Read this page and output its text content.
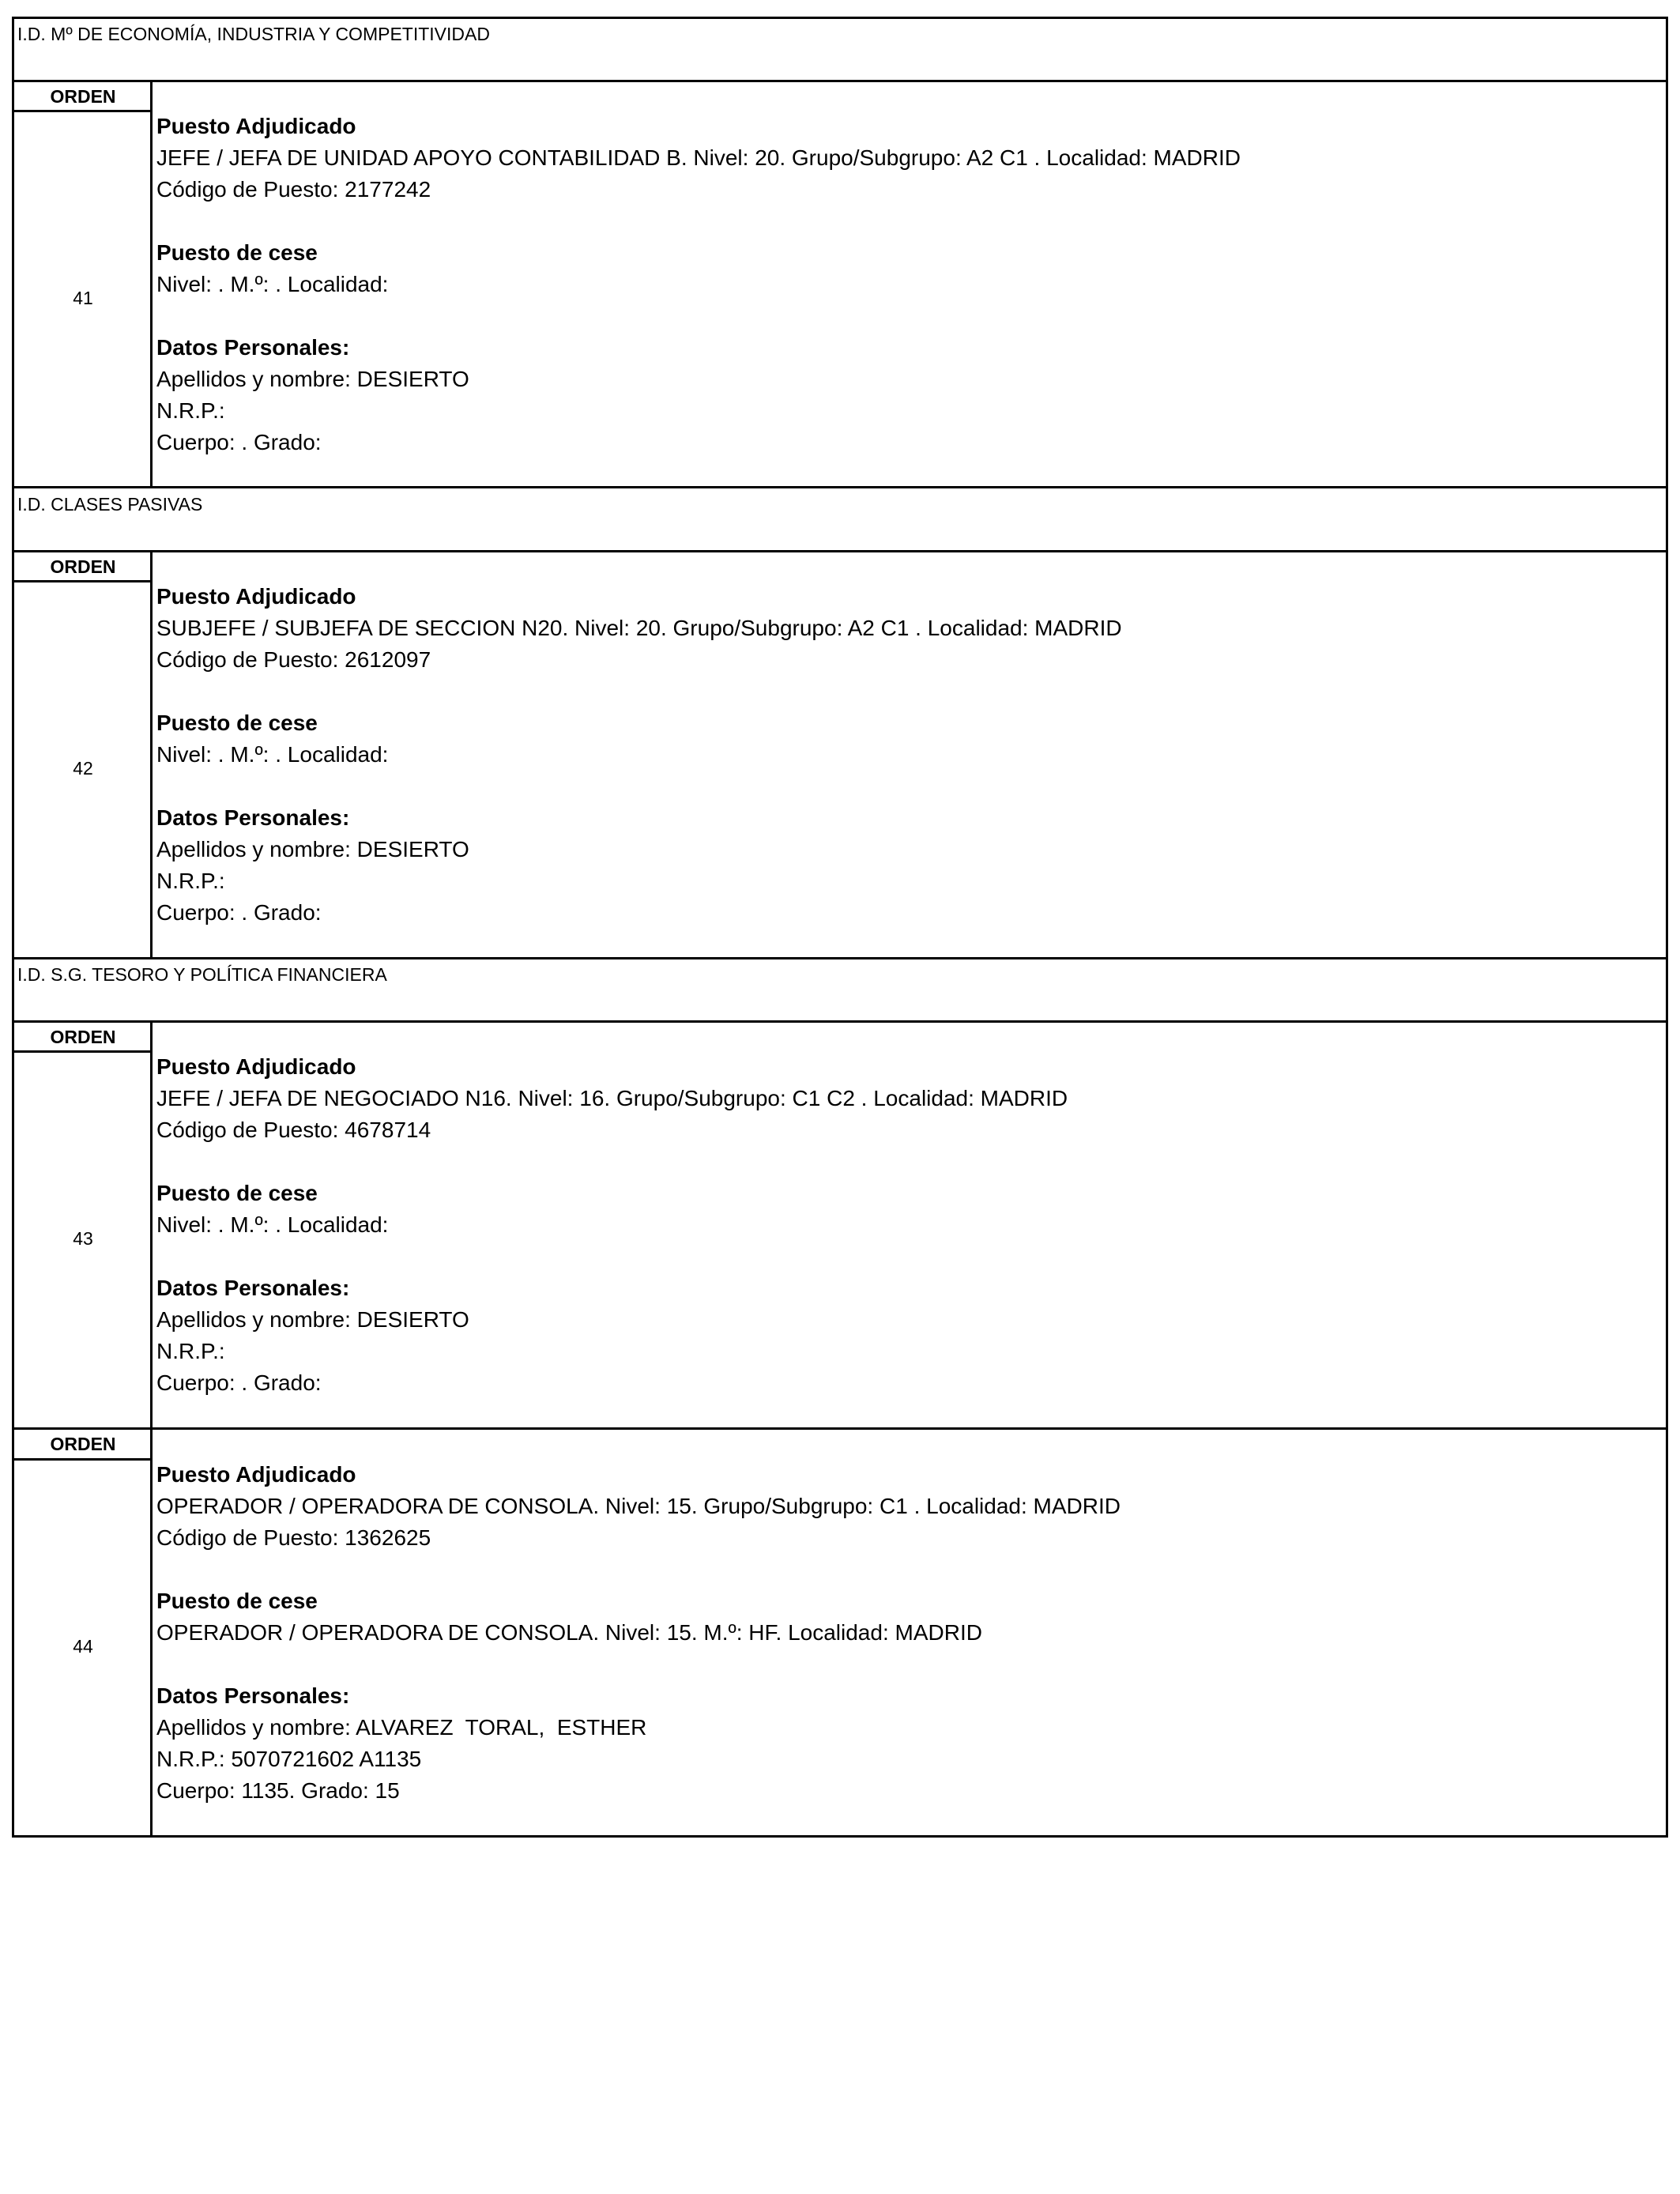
I.D. Mº DE ECONOMÍA, INDUSTRIA Y COMPETITIVIDAD
ORDEN
41
Puesto Adjudicado
JEFE / JEFA DE UNIDAD APOYO CONTABILIDAD B. Nivel: 20. Grupo/Subgrupo: A2 C1 . Localidad: MADRID
Código de Puesto: 2177242
Puesto de cese
Nivel: . M.º: . Localidad:
Datos Personales:
Apellidos y nombre: DESIERTO
N.R.P.:
Cuerpo: . Grado:
I.D. CLASES PASIVAS
ORDEN
42
Puesto Adjudicado
SUBJEFE / SUBJEFA DE SECCION N20. Nivel: 20. Grupo/Subgrupo: A2 C1 . Localidad: MADRID
Código de Puesto: 2612097
Puesto de cese
Nivel: . M.º: . Localidad:
Datos Personales:
Apellidos y nombre: DESIERTO
N.R.P.:
Cuerpo: . Grado:
I.D. S.G. TESORO Y POLÍTICA FINANCIERA
ORDEN
43
Puesto Adjudicado
JEFE / JEFA DE NEGOCIADO N16. Nivel: 16. Grupo/Subgrupo: C1 C2 . Localidad: MADRID
Código de Puesto: 4678714
Puesto de cese
Nivel: . M.º: . Localidad:
Datos Personales:
Apellidos y nombre: DESIERTO
N.R.P.:
Cuerpo: . Grado:
ORDEN
44
Puesto Adjudicado
OPERADOR / OPERADORA DE CONSOLA. Nivel: 15. Grupo/Subgrupo: C1 . Localidad: MADRID
Código de Puesto: 1362625
Puesto de cese
OPERADOR / OPERADORA DE CONSOLA. Nivel: 15. M.º: HF. Localidad: MADRID
Datos Personales:
Apellidos y nombre: ALVAREZ  TORAL,  ESTHER
N.R.P.: 5070721602 A1135
Cuerpo: 1135. Grado: 15
